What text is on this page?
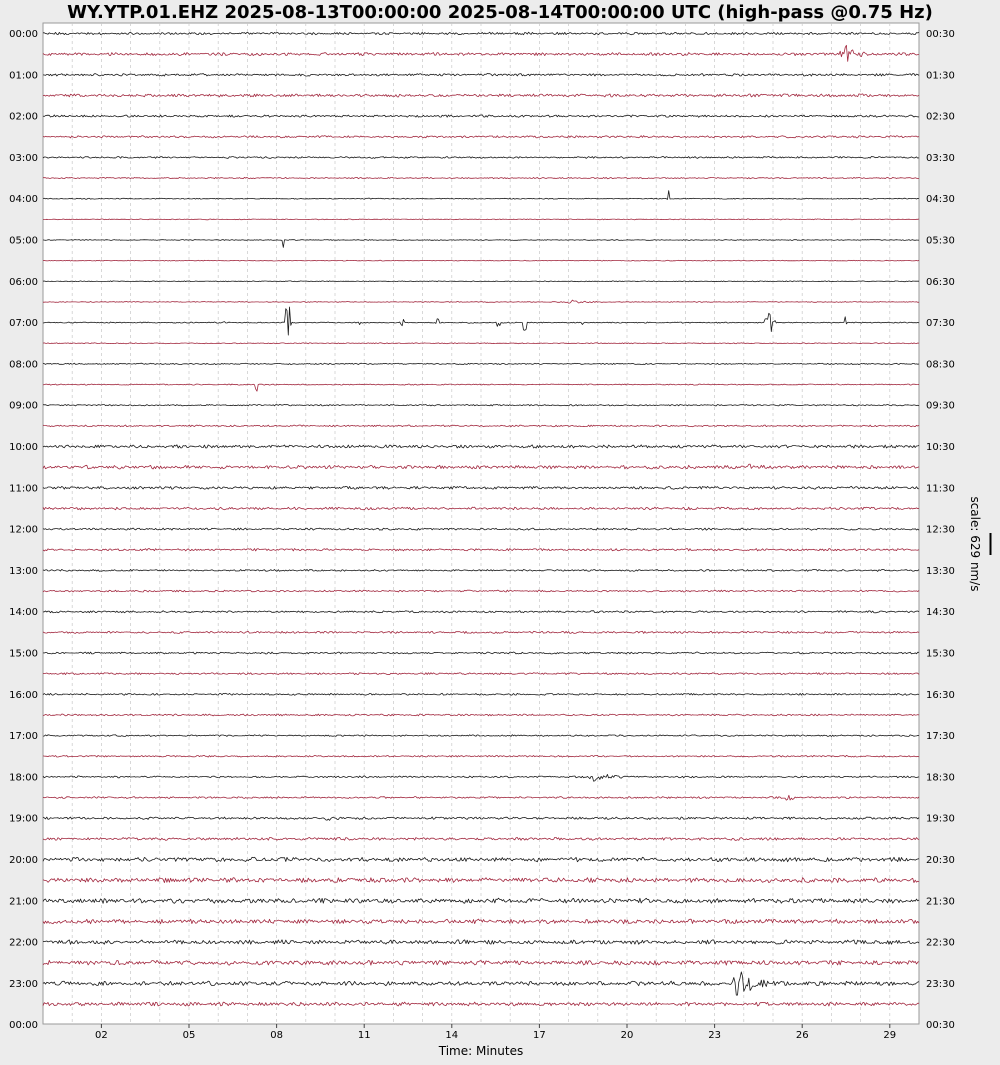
WY.YTP.01.EHZ 2025-08-13T00:00:00 2025-08-14T00:00:00 UTC (high-pass @0.75 Hz)
00:00
01:00
02:00
03:00
04:00
05:00
06:00
07:00
08:00
09:00
10:00
11:00
12:00
13:00
14:00
15:00
16:00
17:00
18:00
19:00
20:00
21:00
22:00
23:00
00:00
00:30
01:30
02:30
03:30
04:30
05:30
06:30
07:30
08:30
09:30
10:30
11:30
12:30
13:30
14:30
15:30
16:30
17:30
18:30
19:30
20:30
21:30
22:30
23:30
00:30
02	05	08	11	14	17	20	23	26	29
Time: Minutes
scale: 629 nm/s
